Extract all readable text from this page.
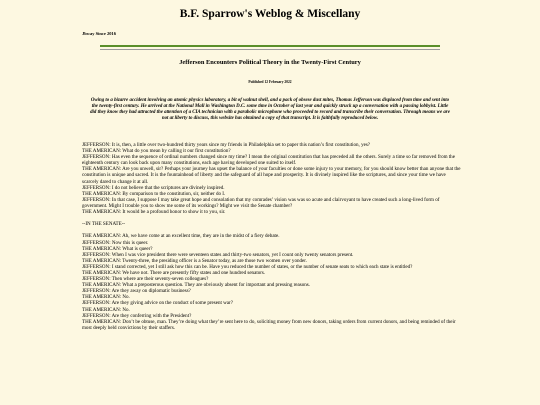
B.F. Sparrow's Weblog & Miscellany
Jbway Since 2016
Jefferson Encounters Political Theory in the Twenty-First Century
Published 12 February 2022
Owing to a bizarre accident involving an atomic physics laboratory, a bit of walnut shell, and a pack of obsese dust mites, Thomas Jefferson was displaced from time and sent into the twenty-first century. He arrived at the National Mall in Washington D.C. some time in October of last year and quickly struck up a conversation with a passing lobbyist. Little did they know they had attracted the attention of a CIA technician with a parabolic microphone who proceeded to record and transcribe their conversation. Through means we are not at liberty to discuss, this website has obtained a copy of that transcript. It is faithfully reproduced below.

JEFFERSON: It is, then, a little over two-hundred thirty years since my friends in Philadelphia set to paper this nation’s first constitution, yes?

THE AMERICAN: What do you mean by calling it our first constitution?

JEFFERSON: Has even the sequence of ordinal numbers changed since my time? I mean the original constitution that has preceded all the others. Surely a time so far removed from the eighteenth century can look back upon many constitutions, each age having developed one suited to itself.

THE AMERICAN: Are you unwell, sir? Perhaps your journey has upset the balance of your faculties or done some injury to your memory, for you should know better than anyone that the constitution is unique and sacred. It is the fountainhead of liberty and the safeguard of all hope and prosperity. It is divinely inspired like the scriptures, and since your time we have scarcely dared to change it at all.

JEFFERSON: I do not believe that the scriptures are divinely inspired.

THE AMERICAN: By comparison to the constitution, sir, neither do I.

JEFFERSON: In that case, I suppose I may take great hope and consolation that my comrades’ vision was was so acute and clairvoyant to have created such a long-lived form of government. Might I trouble you to show me some of its workings? Might we visit the Senate chamber?

THE AMERICAN: It would be a profound honor to show it to you, sir.

--IN THE SENATE--

THE AMERICAN: Ah, we have come at an excellent time, they are in the midst of a fiery debate.

JEFFERSON: Now this is queer.

THE AMERICAN: What is queer?

JEFFERSON: When I was vice president there were seventeen states and thirty-two senators, yet I count only twenty senators present.

THE AMERICAN: Twenty-three, the presiding officer is a Senator today, as are those two women over yonder.

JEFFERSON: I stand corrected, yet I still ask how this can be. Have you reduced the number of states, or the number of senate seats to which each state is entitled?

THE AMERICAN: We have not. There are presently fifty states and one hundred senators.

JEFFERSON: Then where are their seventy-seven colleagues?

THE AMERICAN: What a preposterous question. They are obviously absent for important and pressing reasons.

JEFFERSON: Are they away on diplomatic business?

THE AMERICAN: No.

JEFFERSON: Are they giving advice on the conduct of some present war?

THE AMERICAN: No.

JEFFERSON: Are they conferring with the President?

THE AMERICAN: Don’t be obtuse, man. They’re doing what they’re sent here to do, soliciting money from new donors, taking orders from current donors, and being reminded of their most deeply held convictions by their staffers.
